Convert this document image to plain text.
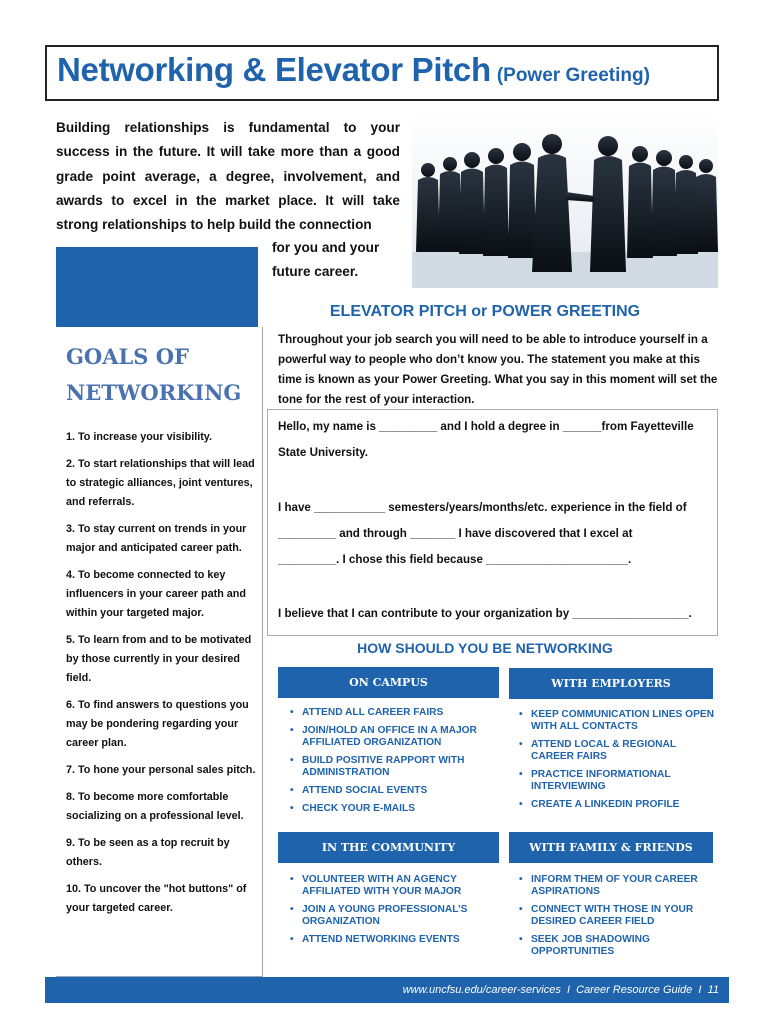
Networking & Elevator Pitch (Power Greeting)
Building relationships is fundamental to your success in the future. It will take more than a good grade point average, a degree, involvement, and awards to excel in the market place. It will take strong relationships to help build the connection
for you and your future career.
GOALS OF
NETWORKING
1. To increase your visibility.
2. To start relationships that will lead to strategic alliances, joint ventures, and referrals.
3. To stay current on trends in your major and anticipated career path.
4. To become connected to key influencers in your career path and within your targeted major.
5. To learn from and to be motivated by those currently in your desired field.
6. To find answers to questions you may be pondering regarding your career plan.
7. To hone your personal sales pitch.
8. To become more comfortable socializing on a professional level.
9. To be seen as a top recruit by others.
10. To uncover the "hot buttons" of your targeted career.
ELEVATOR PITCH or POWER GREETING
Throughout your job search you will need to be able to introduce yourself in a powerful way to people who don’t know you. The statement you make at this time is known as your Power Greeting. What you say in this moment will set the tone for the rest of your interaction.
Hello, my name is _________ and I hold a degree in ______from Fayetteville
State University.
I have ___________ semesters/years/months/etc. experience in the field of
_________ and through _______ I have discovered that I excel at
_________. I chose this field because ______________________.
I believe that I can contribute to your organization by __________________.
HOW SHOULD YOU BE NETWORKING
ON CAMPUS
• ATTEND ALL CAREER FAIRS
• JOIN/HOLD AN OFFICE IN A MAJOR AFFILIATED ORGANIZATION
• BUILD POSITIVE RAPPORT WITH ADMINISTRATION
• ATTEND SOCIAL EVENTS
• CHECK YOUR E-MAILS
WITH EMPLOYERS
• KEEP COMMUNICATION LINES OPEN WITH ALL CONTACTS
• ATTEND LOCAL & REGIONAL CAREER FAIRS
• PRACTICE INFORMATIONAL INTERVIEWING
• CREATE A LINKEDIN PROFILE
IN THE COMMUNITY
• VOLUNTEER WITH AN AGENCY AFFILIATED WITH YOUR MAJOR
• JOIN A YOUNG PROFESSIONAL’S ORGANIZATION
• ATTEND NETWORKING EVENTS
WITH FAMILY & FRIENDS
• INFORM THEM OF YOUR CAREER ASPIRATIONS
• CONNECT WITH THOSE IN YOUR DESIRED CAREER FIELD
• SEEK JOB SHADOWING OPPORTUNITIES
www.uncfsu.edu/career-services  I  Career Resource Guide  I  11
